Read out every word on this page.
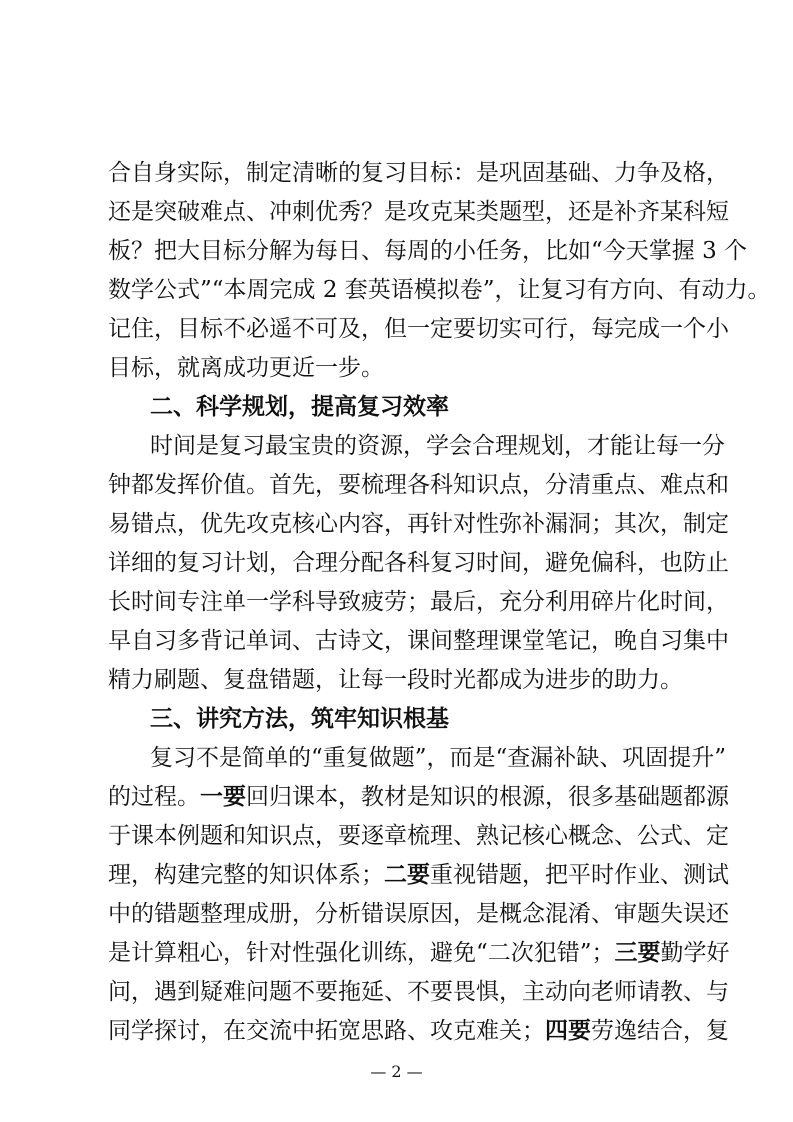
合自身实际，制定清晰的复习目标：是巩固基础、力争及格，
还是突破难点、冲刺优秀？是攻克某类题型，还是补齐某科短
板？把大目标分解为每日、每周的小任务，比如“今天掌握 3 个
数学公式”“本周完成 2 套英语模拟卷”，让复习有方向、有动力。
记住，目标不必遥不可及，但一定要切实可行，每完成一个小
目标，就离成功更近一步。
二、科学规划，提高复习效率
时间是复习最宝贵的资源，学会合理规划，才能让每一分
钟都发挥价值。首先，要梳理各科知识点，分清重点、难点和
易错点，优先攻克核心内容，再针对性弥补漏洞；其次，制定
详细的复习计划，合理分配各科复习时间，避免偏科，也防止
长时间专注单一学科导致疲劳；最后，充分利用碎片化时间，
早自习多背记单词、古诗文，课间整理课堂笔记，晚自习集中
精力刷题、复盘错题，让每一段时光都成为进步的助力。
三、讲究方法，筑牢知识根基
复习不是简单的“重复做题”，而是“查漏补缺、巩固提升”
的过程。一要回归课本，教材是知识的根源，很多基础题都源
于课本例题和知识点，要逐章梳理、熟记核心概念、公式、定
理，构建完整的知识体系；二要重视错题，把平时作业、测试
中的错题整理成册，分析错误原因，是概念混淆、审题失误还
是计算粗心，针对性强化训练，避免“二次犯错”；三要勤学好
问，遇到疑难问题不要拖延、不要畏惧，主动向老师请教、与
同学探讨，在交流中拓宽思路、攻克难关；四要劳逸结合，复
— 2 —
